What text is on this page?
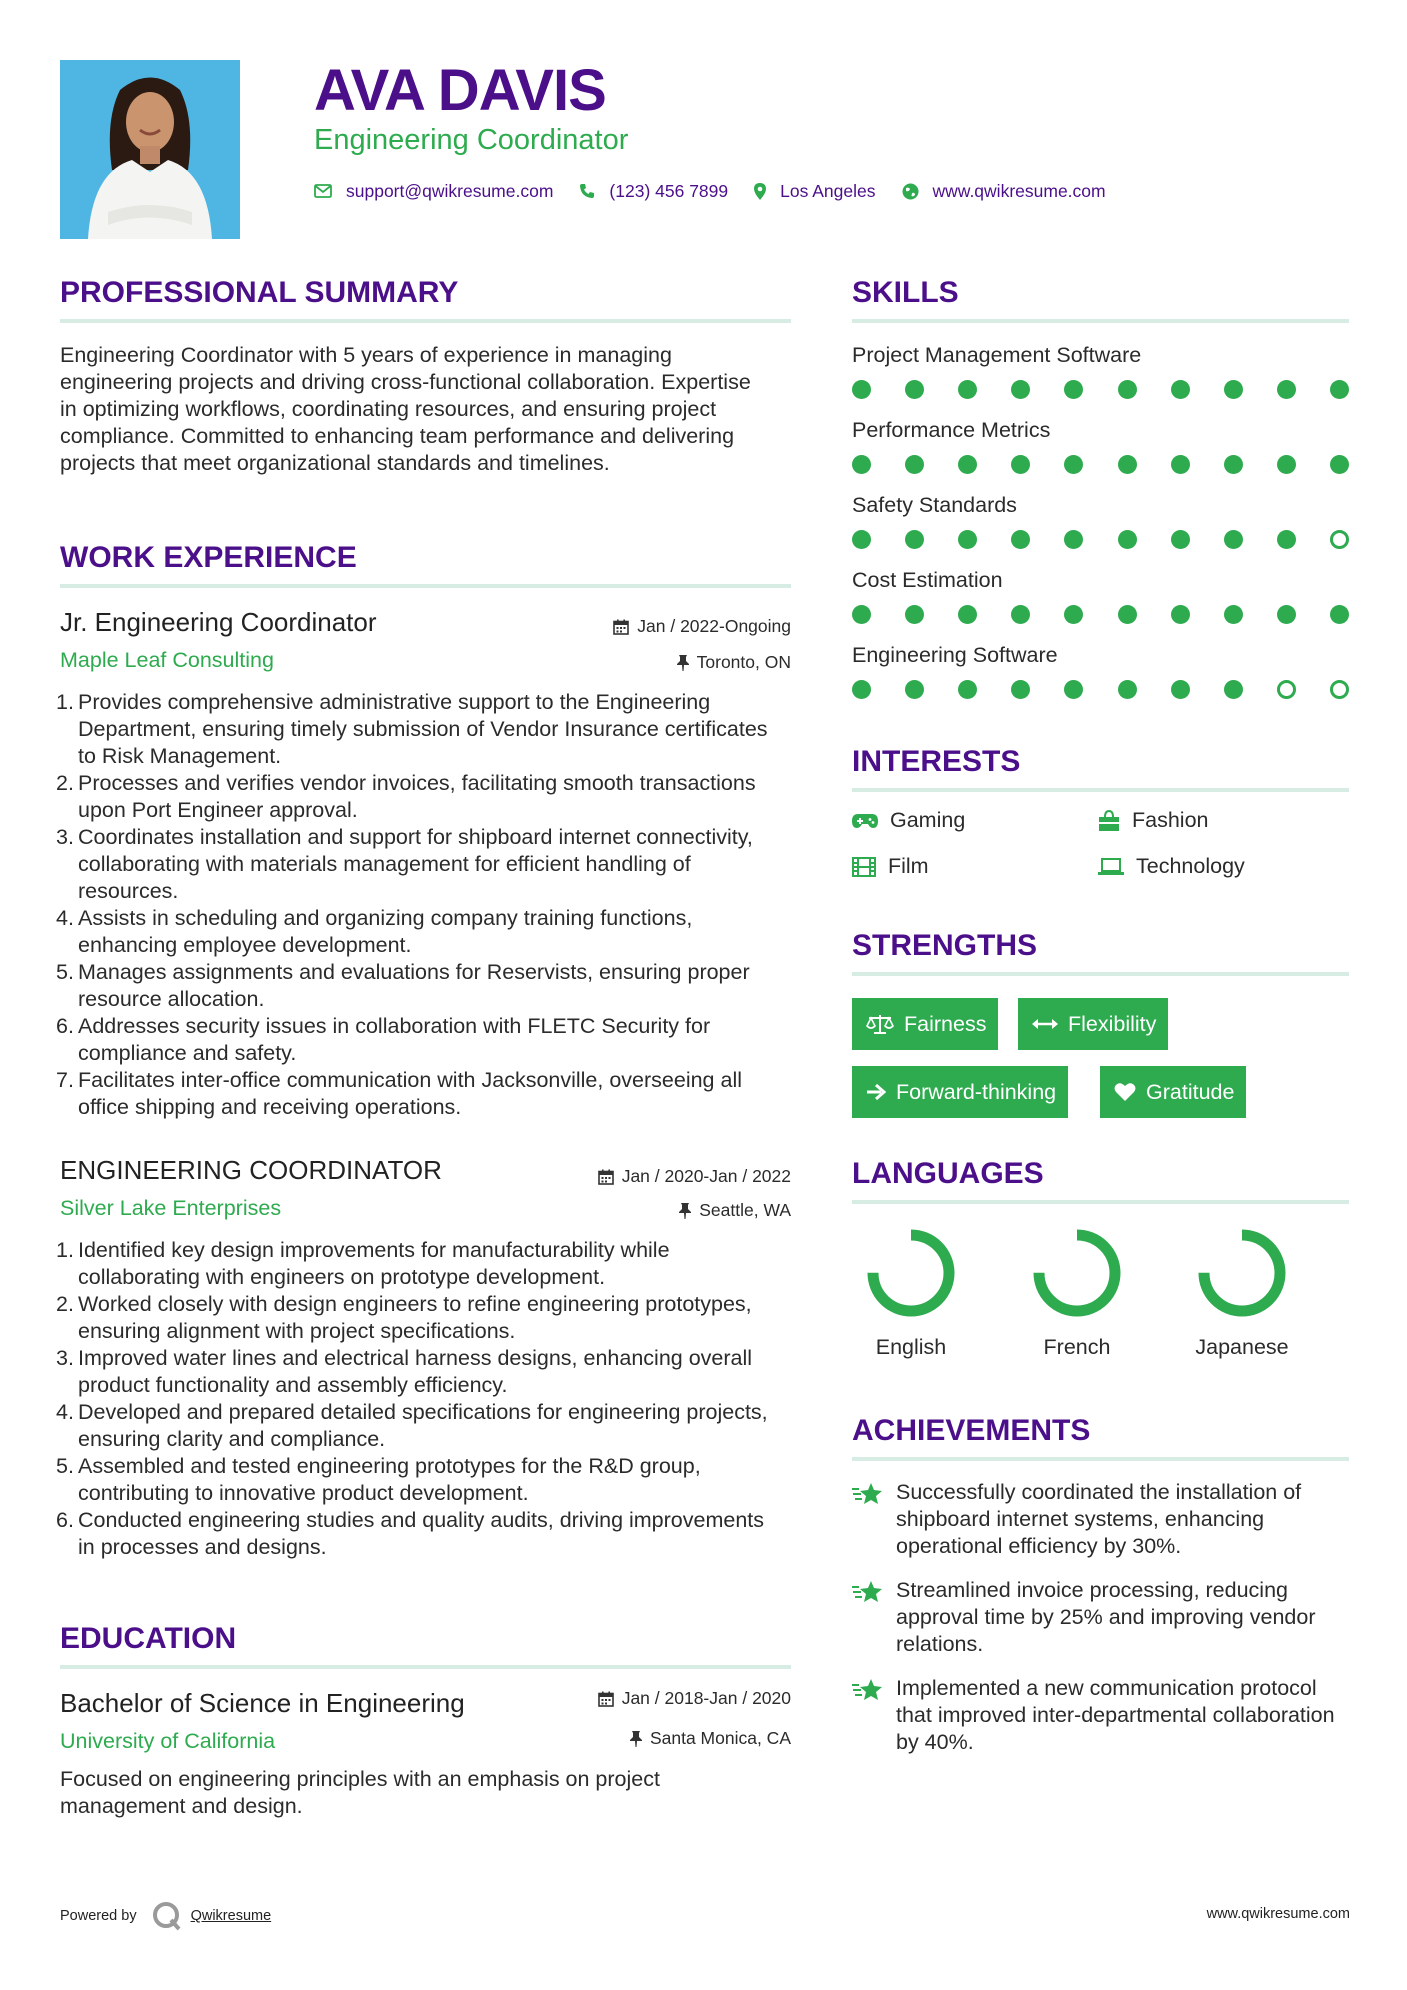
AVA DAVIS
Engineering Coordinator
support@qwikresume.com	(123) 456 7899	Los Angeles	www.qwikresume.com
PROFESSIONAL SUMMARY
Engineering Coordinator with 5 years of experience in managing engineering projects and driving cross-functional collaboration. Expertise in optimizing workflows, coordinating resources, and ensuring project compliance. Committed to enhancing team performance and delivering projects that meet organizational standards and timelines.
WORK EXPERIENCE
Jr. Engineering Coordinator	Jan / 2022-Ongoing
Maple Leaf Consulting	Toronto, ON
1. Provides comprehensive administrative support to the Engineering Department, ensuring timely submission of Vendor Insurance certificates to Risk Management.
2. Processes and verifies vendor invoices, facilitating smooth transactions upon Port Engineer approval.
3. Coordinates installation and support for shipboard internet connectivity, collaborating with materials management for efficient handling of resources.
4. Assists in scheduling and organizing company training functions, enhancing employee development.
5. Manages assignments and evaluations for Reservists, ensuring proper resource allocation.
6. Addresses security issues in collaboration with FLETC Security for compliance and safety.
7. Facilitates inter-office communication with Jacksonville, overseeing all office shipping and receiving operations.
ENGINEERING COORDINATOR	Jan / 2020-Jan / 2022
Silver Lake Enterprises	Seattle, WA
1. Identified key design improvements for manufacturability while collaborating with engineers on prototype development.
2. Worked closely with design engineers to refine engineering prototypes, ensuring alignment with project specifications.
3. Improved water lines and electrical harness designs, enhancing overall product functionality and assembly efficiency.
4. Developed and prepared detailed specifications for engineering projects, ensuring clarity and compliance.
5. Assembled and tested engineering prototypes for the R&D group, contributing to innovative product development.
6. Conducted engineering studies and quality audits, driving improvements in processes and designs.
EDUCATION
Bachelor of Science in Engineering	Jan / 2018-Jan / 2020
University of California	Santa Monica, CA
Focused on engineering principles with an emphasis on project management and design.
SKILLS
Project Management Software
Performance Metrics
Safety Standards
Cost Estimation
Engineering Software
INTERESTS
Gaming	Fashion
Film	Technology
STRENGTHS
Fairness	Flexibility
Forward-thinking	Gratitude
LANGUAGES
English	French	Japanese
ACHIEVEMENTS
Successfully coordinated the installation of shipboard internet systems, enhancing operational efficiency by 30%.
Streamlined invoice processing, reducing approval time by 25% and improving vendor relations.
Implemented a new communication protocol that improved inter-departmental collaboration by 40%.
Powered by	Qwikresume	www.qwikresume.com
